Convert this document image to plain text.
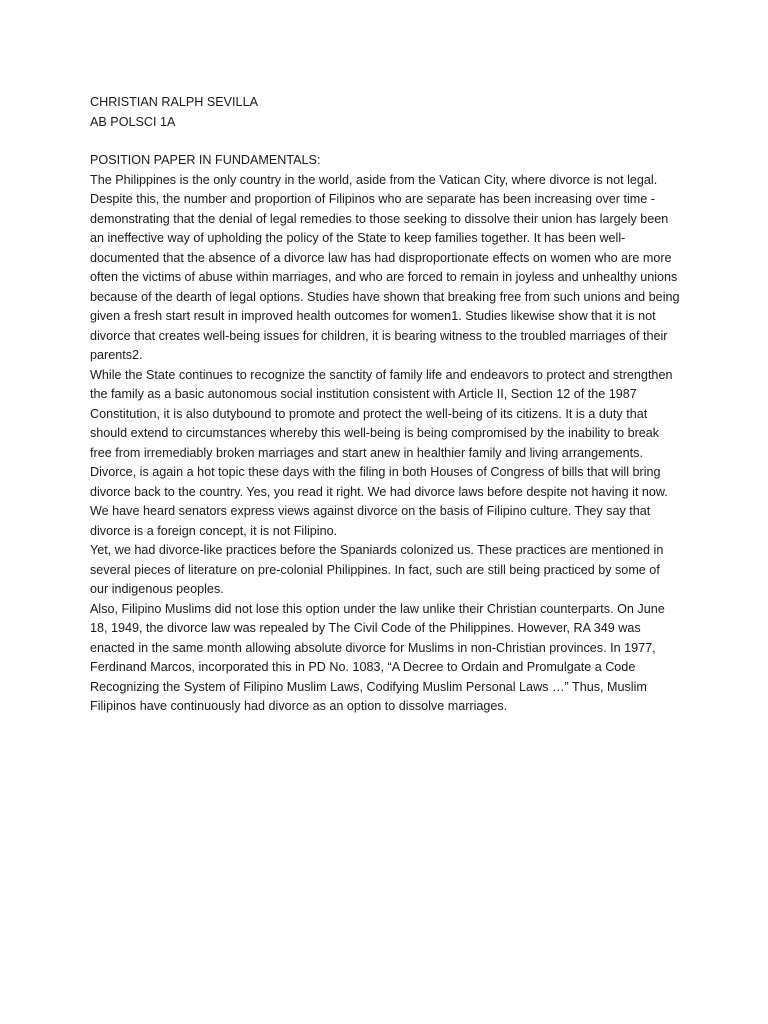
CHRISTIAN RALPH SEVILLA
AB POLSCI 1A
POSITION PAPER IN FUNDAMENTALS:

The Philippines is the only country in the world, aside from the Vatican City, where divorce is not legal. Despite this, the number and proportion of Filipinos who are separate has been increasing over time - demonstrating that the denial of legal remedies to those seeking to dissolve their union has largely been an ineffective way of upholding the policy of the State to keep families together. It has been well-documented that the absence of a divorce law has had disproportionate effects on women who are more often the victims of abuse within marriages, and who are forced to remain in joyless and unhealthy unions because of the dearth of legal options. Studies have shown that breaking free from such unions and being given a fresh start result in improved health outcomes for women1. Studies likewise show that it is not divorce that creates well-being issues for children, it is bearing witness to the troubled marriages of their parents2.

While the State continues to recognize the sanctity of family life and endeavors to protect and strengthen the family as a basic autonomous social institution consistent with Article II, Section 12 of the 1987 Constitution, it is also dutybound to promote and protect the well-being of its citizens. It is a duty that should extend to circumstances whereby this well-being is being compromised by the inability to break free from irremediably broken marriages and start anew in healthier family and living arrangements.

Divorce, is again a hot topic these days with the filing in both Houses of Congress of bills that will bring divorce back to the country. Yes, you read it right. We had divorce laws before despite not having it now.

We have heard senators express views against divorce on the basis of Filipino culture. They say that divorce is a foreign concept, it is not Filipino.

Yet, we had divorce-like practices before the Spaniards colonized us. These practices are mentioned in several pieces of literature on pre-colonial Philippines. In fact, such are still being practiced by some of our indigenous peoples.

Also, Filipino Muslims did not lose this option under the law unlike their Christian counterparts. On June 18, 1949, the divorce law was repealed by The Civil Code of the Philippines. However, RA 349 was enacted in the same month allowing absolute divorce for Muslims in non-Christian provinces. In 1977, Ferdinand Marcos, incorporated this in PD No. 1083, “A Decree to Ordain and Promulgate a Code Recognizing the System of Filipino Muslim Laws, Codifying Muslim Personal Laws …” Thus, Muslim Filipinos have continuously had divorce as an option to dissolve marriages.
